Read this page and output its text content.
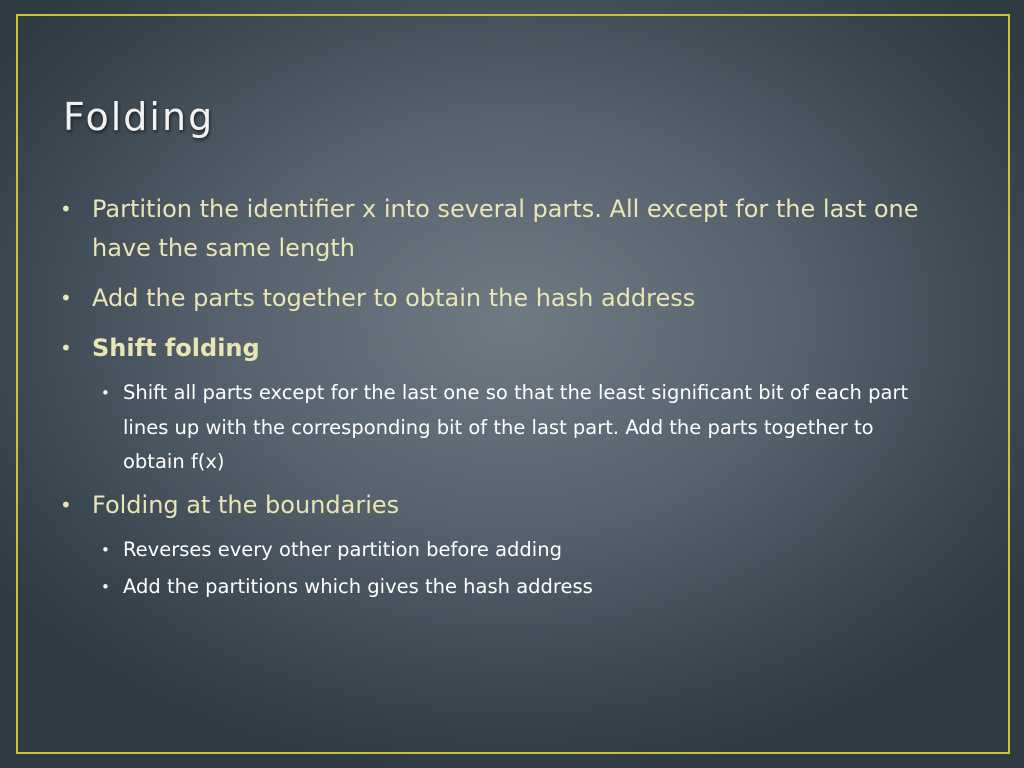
Folding
• Partition the identifier x into several parts. All except for the last one have the same length
• Add the parts together to obtain the hash address
• Shift folding
• Shift all parts except for the last one so that the least significant bit of each part lines up with the corresponding bit of the last part. Add the parts together to obtain f(x)
• Folding at the boundaries
• Reverses every other partition before adding
• Add the partitions which gives the hash address
